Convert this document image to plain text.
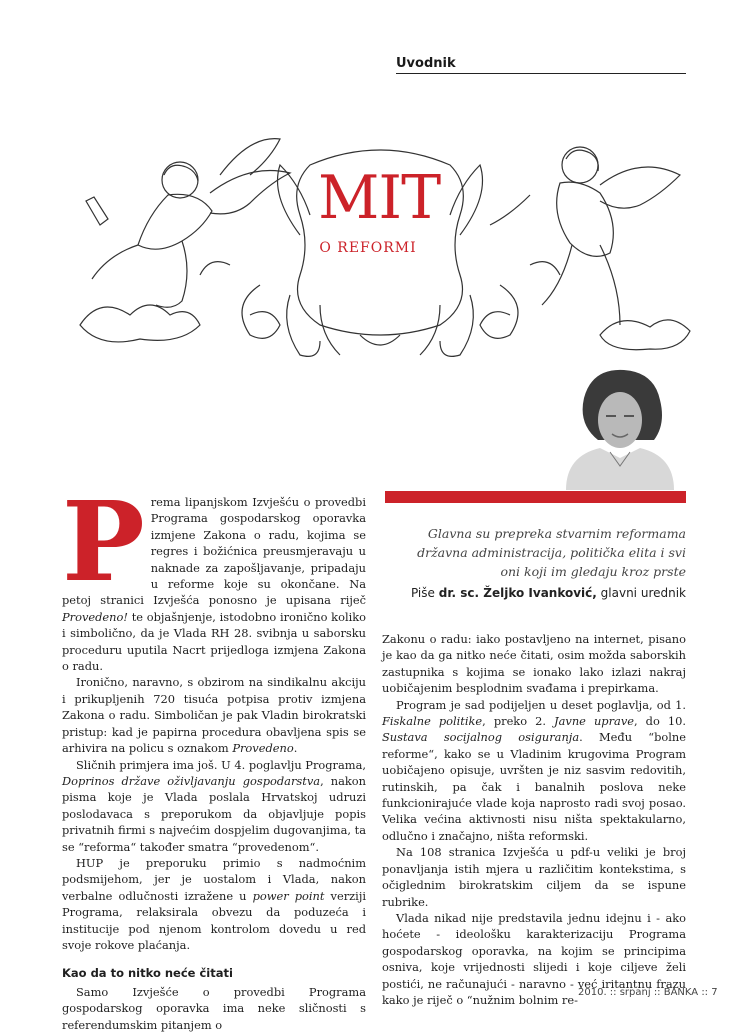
Uvodnik
MIT
O REFORMI
Glavna su prepreka stvarnim reformama državna administracija, politička elita i svi oni koji im gledaju kroz prste
Piše dr. sc. Željko Ivanković, glavni urednik

Prema lipanjskom Izvješću o provedbi Programa gospodarskog oporavka izmjene Zakona o radu, kojima se regres i božićnica preusmjeravaju u naknade za zapošljavanje, pripadaju u reforme koje su okončane. Na petoj stranici Izvješća ponosno je upisana riječ Provedeno! te objašnjenje, istodobno ironično koliko i simbolično, da je Vlada RH 28. svibnja u saborsku proceduru uputila Nacrt prijedloga izmjena Zakona o radu.

Ironično, naravno, s obzirom na sindikalnu akciju i prikupljenih 720 tisuća potpisa protiv izmjena Zakona o radu. Simboličan je pak Vladin birokratski pristup: kad je papirna procedura obavljena spis se arhivira na policu s oznakom Provedeno.

Sličnih primjera ima još. U 4. poglavlju Programa, Doprinos države oživljavanju gospodarstva, nakon pisma koje je Vlada poslala Hrvatskoj udruzi poslodavaca s preporukom da objavljuje popis privatnih firmi s najvećim dospjelim dugovanjima, ta se “reforma“ također smatra “provedenom“.

HUP je preporuku primio s nadmoćnim podsmijehom, jer je uostalom i Vlada, nakon verbalne odlučnosti izražene u power point verziji Programa, relaksirala obvezu da poduzeća i institucije pod njenom kontrolom dovedu u red svoje rokove plaćanja.

Kao da to nitko neće čitati

Samo Izvješće o provedbi Programa gospodarskog oporavka ima neke sličnosti s referendumskim pitanjem o

Zakonu o radu: iako postavljeno na internet, pisano je kao da ga nitko neće čitati, osim možda saborskih zastupnika s kojima se ionako lako izlazi nakraj uobičajenim besplodnim svađama i prepirkama.

Program je sad podijeljen u deset poglavlja, od 1. Fiskalne politike, preko 2. Javne uprave, do 10. Sustava socijalnog osiguranja. Među “bolne reforme“, kako se u Vladinim krugovima Program uobičajeno opisuje, uvršten je niz sasvim redovitih, rutinskih, pa čak i banalnih poslova neke funkcionirajuće vlade koja naprosto radi svoj posao. Velika većina aktivnosti nisu ništa spektakularno, odlučno i značajno, ništa reformski.

Na 108 stranica Izvješća u pdf-u veliki je broj ponavljanja istih mjera u različitim kontekstima, s očiglednim birokratskim ciljem da se ispune rubrike.

Vlada nikad nije predstavila jednu idejnu i - ako hoćete - ideološku karakterizaciju Programa gospodarskog oporavka, na kojim se principima osniva, koje vrijednosti slijedi i koje ciljeve želi postići, ne računajući - naravno - već iritantnu frazu kako je riječ o “nužnim bolnim re-

2010. :: srpanj :: BANKA :: 7
